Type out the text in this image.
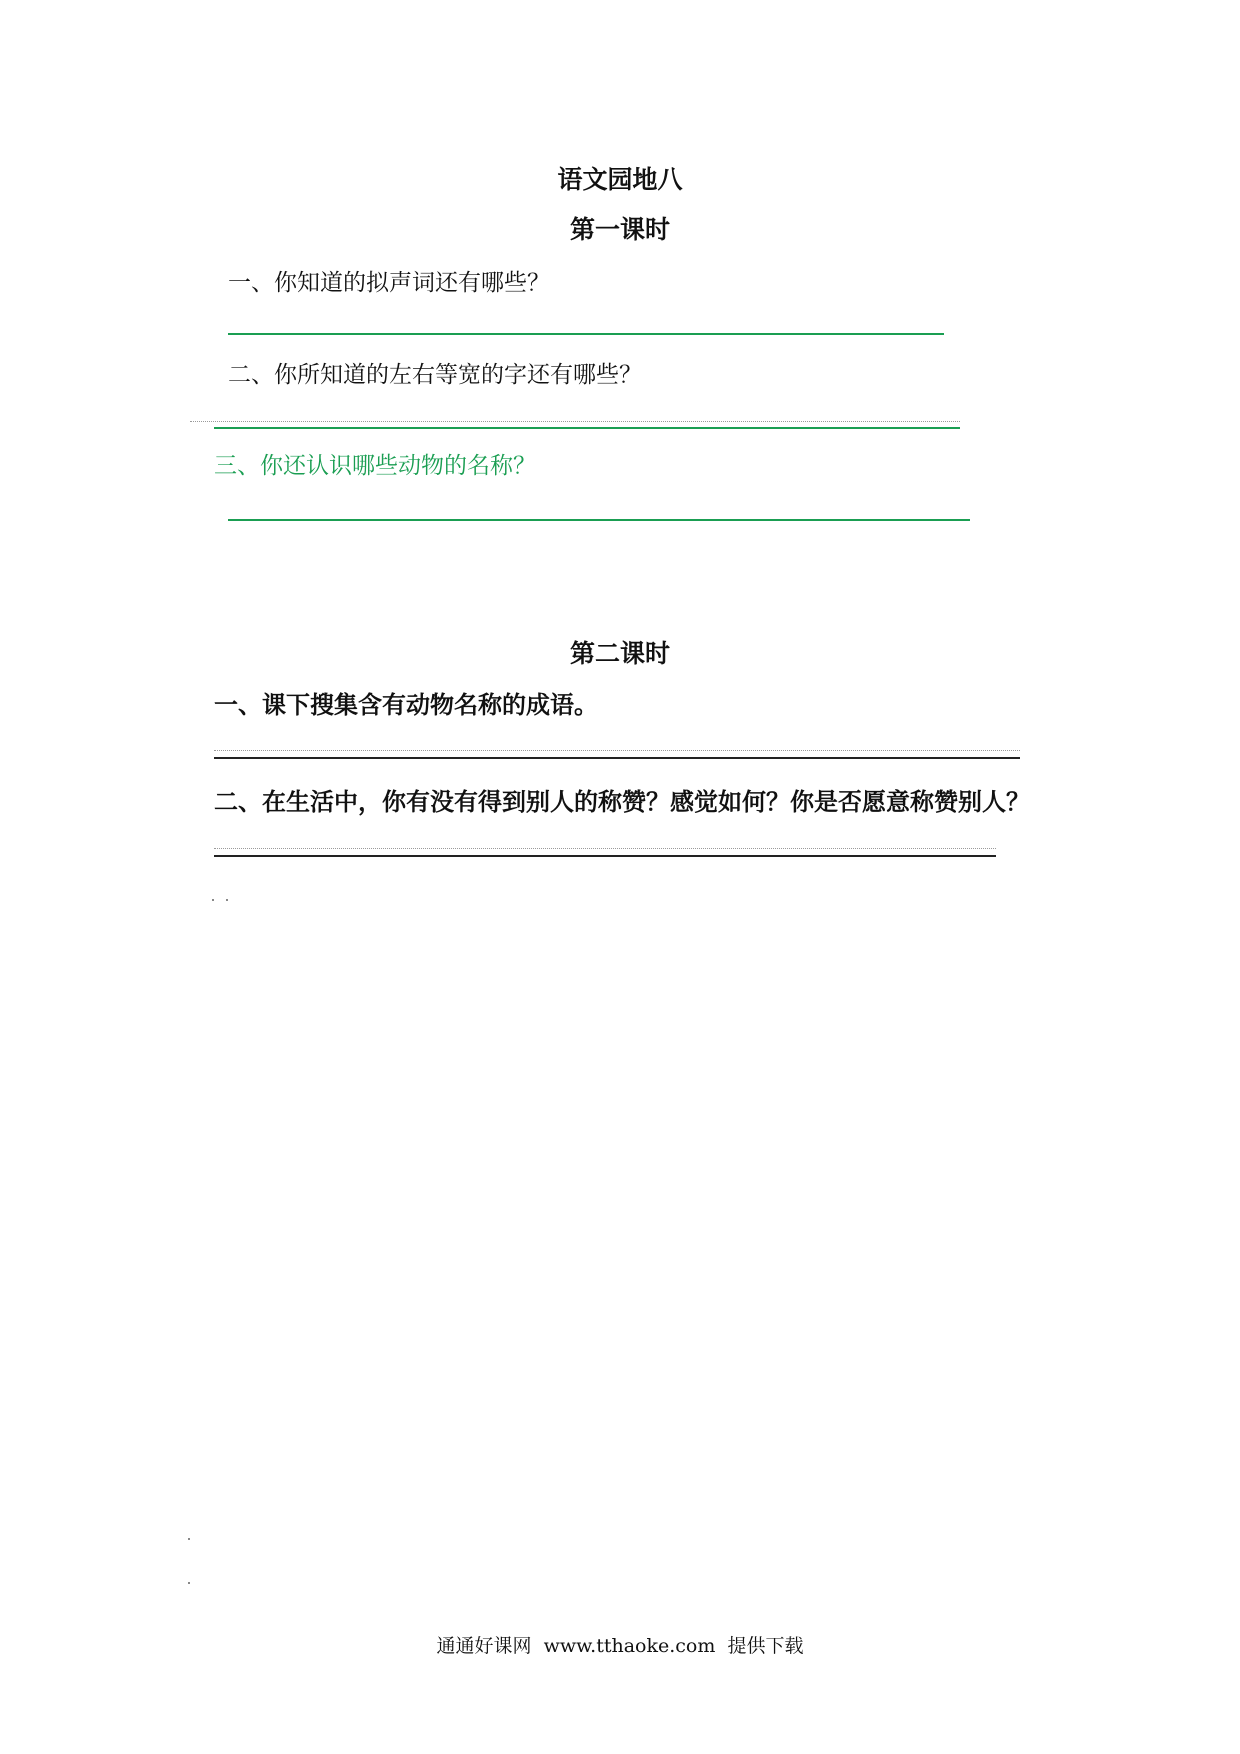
语文园地八
第一课时
一、你知道的拟声词还有哪些？
二、你所知道的左右等宽的字还有哪些？
三、你还认识哪些动物的名称？
第二课时
一、课下搜集含有动物名称的成语。
二、在生活中，你有没有得到别人的称赞？感觉如何？你是否愿意称赞别人？
通通好课网 www.tthaoke.com 提供下载
